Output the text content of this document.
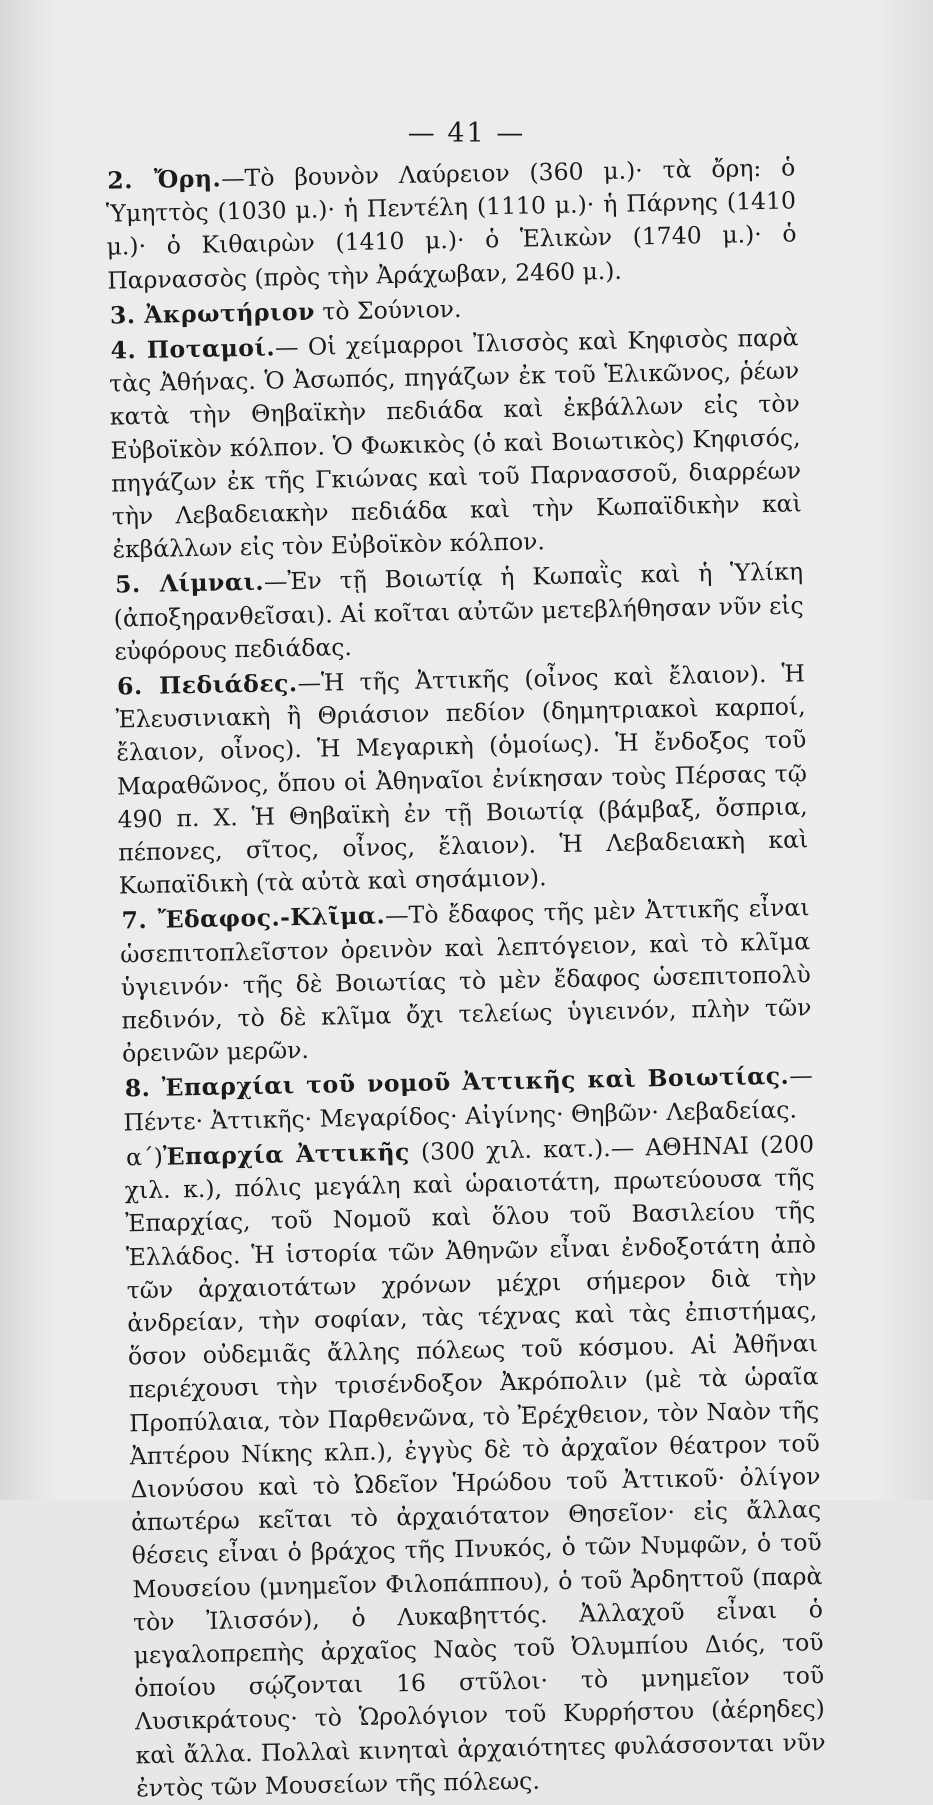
— 41 —

2. Ὄρη.—Τὸ βουνὸν Λαύρειον (360 μ.)· τὰ ὄρη: ὁ Ὑμηττὸς (1030 μ.)· ἡ Πεντέλη (1110 μ.)· ἡ Πάρνης (1410 μ.)· ὁ Κιθαιρὼν (1410 μ.)· ὁ Ἑλικὼν (1740 μ.)· ὁ Παρνασσὸς (πρὸς τὴν Ἀράχωβαν, 2460 μ.).

3. Ἀκρωτήριον τὸ Σούνιον.

4. Ποταμοί.— Οἱ χείμαρροι Ἰλισσὸς καὶ Κηφισὸς παρὰ τὰς Ἀθήνας. Ὁ Ἀσωπός, πηγάζων ἐκ τοῦ Ἑλικῶνος, ῥέων κατὰ τὴν Θηβαϊκὴν πεδιάδα καὶ ἐκβάλλων εἰς τὸν Εὐβοϊκὸν κόλπον. Ὁ Φωκικὸς (ὁ καὶ Βοιωτικὸς) Κηφισός, πηγάζων ἐκ τῆς Γκιώνας καὶ τοῦ Παρνασσοῦ, διαρρέων τὴν Λεβαδειακὴν πεδιάδα καὶ τὴν Κωπαϊδικὴν καὶ ἐκβάλλων εἰς τὸν Εὐβοϊκὸν κόλπον.

5. Λίμναι.—Ἐν τῇ Βοιωτίᾳ ἡ Κωπαῒς καὶ ἡ Ὑλίκη (ἀποξηρανθεῖσαι). Αἱ κοῖται αὐτῶν μετεβλήθησαν νῦν εἰς εὐφόρους πεδιάδας.

6. Πεδιάδες.—Ἡ τῆς Ἀττικῆς (οἶνος καὶ ἔλαιον). Ἡ Ἐλευσινιακὴ ἢ Θριάσιον πεδίον (δημητριακοὶ καρποί, ἔλαιον, οἶνος). Ἡ Μεγαρικὴ (ὁμοίως). Ἡ ἔνδοξος τοῦ Μαραθῶνος, ὅπου οἱ Ἀθηναῖοι ἐνίκησαν τοὺς Πέρσας τῷ 490 π. Χ. Ἡ Θηβαϊκὴ ἐν τῇ Βοιωτίᾳ (βάμβαξ, ὄσπρια, πέπονες, σῖτος, οἶνος, ἔλαιον). Ἡ Λεβαδειακὴ καὶ Κωπαϊδικὴ (τὰ αὐτὰ καὶ σησάμιον).

7. Ἔδαφος.-Κλῖμα.—Τὸ ἔδαφος τῆς μὲν Ἀττικῆς εἶναι ὡσεπιτοπλεῖστον ὀρεινὸν καὶ λεπτόγειον, καὶ τὸ κλῖμα ὑγιεινόν· τῆς δὲ Βοιωτίας τὸ μὲν ἔδαφος ὡσεπιτοπολὺ πεδινόν, τὸ δὲ κλῖμα ὄχι τελείως ὑγιεινόν, πλὴν τῶν ὀρεινῶν μερῶν.

8. Ἐπαρχίαι τοῦ νομοῦ Ἀττικῆς καὶ Βοιωτίας.— Πέντε· Ἀττικῆς· Μεγαρίδος· Αἰγίνης· Θηβῶν· Λεβαδείας.

α΄)Ἐπαρχία Ἀττικῆς (300 χιλ. κατ.).— ΑΘΗΝΑΙ (200 χιλ. κ.), πόλις μεγάλη καὶ ὡραιοτάτη, πρωτεύουσα τῆς Ἐπαρχίας, τοῦ Νομοῦ καὶ ὅλου τοῦ Βασιλείου τῆς Ἑλλάδος. Ἡ ἱστορία τῶν Ἀθηνῶν εἶναι ἐνδοξοτάτη ἀπὸ τῶν ἀρχαιοτάτων χρόνων μέχρι σήμερον διὰ τὴν ἀνδρείαν, τὴν σοφίαν, τὰς τέχνας καὶ τὰς ἐπιστήμας, ὅσον οὐδεμιᾶς ἄλλης πόλεως τοῦ κόσμου. Αἱ Ἀθῆναι περιέχουσι τὴν τρισένδοξον Ἀκρόπολιν (μὲ τὰ ὡραῖα Προπύλαια, τὸν Παρθενῶνα, τὸ Ἐρέχθειον, τὸν Ναὸν τῆς Ἀπτέρου Νίκης κλπ.), ἐγγὺς δὲ τὸ ἀρχαῖον θέατρον τοῦ Διονύσου καὶ τὸ Ὠδεῖον Ἡρώδου τοῦ Ἀττικοῦ· ὀλίγον ἀπωτέρω κεῖται τὸ ἀρχαιότατον Θησεῖον· εἰς ἄλλας θέσεις εἶναι ὁ βράχος τῆς Πνυκός, ὁ τῶν Νυμφῶν, ὁ τοῦ Μουσείου (μνημεῖον Φιλοπάππου), ὁ τοῦ Ἀρδηττοῦ (παρὰ τὸν Ἰλισσόν), ὁ Λυκαβηττός. Ἀλλαχοῦ εἶναι ὁ μεγαλοπρεπὴς ἀρχαῖος Ναὸς τοῦ Ὀλυμπίου Διός, τοῦ ὁποίου σῴζονται 16 στῦλοι· τὸ μνημεῖον τοῦ Λυσικράτους· τὸ Ὡρολόγιον τοῦ Κυρρήστου (ἀέρηδες) καὶ ἄλλα. Πολλαὶ κινηταὶ ἀρχαιότητες φυλάσσονται νῦν ἐντὸς τῶν Μουσείων τῆς πόλεως.
